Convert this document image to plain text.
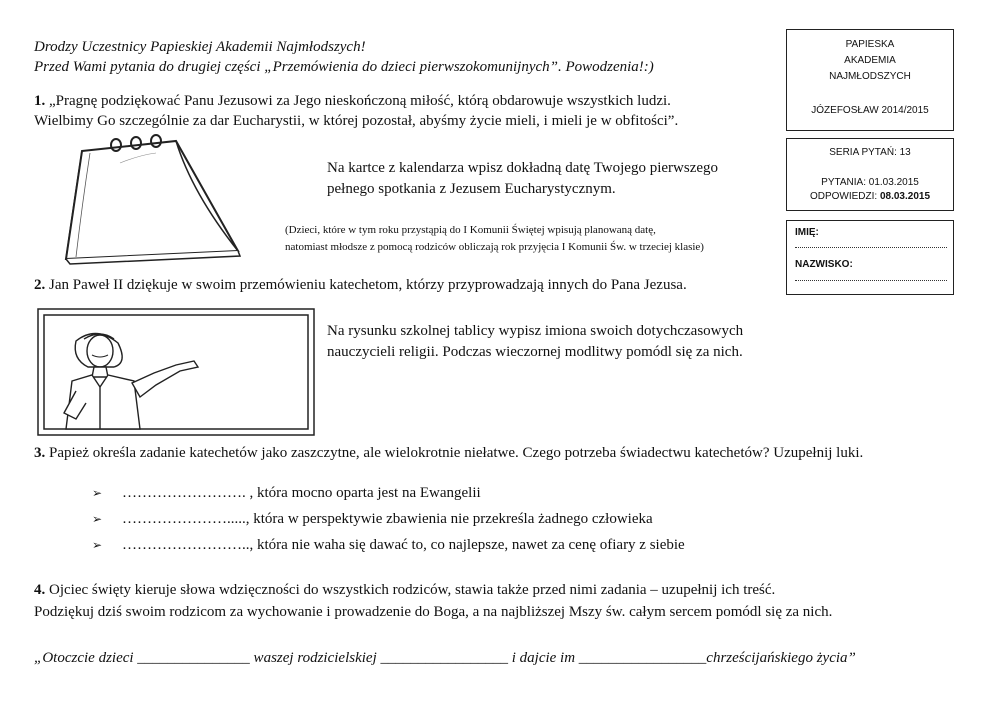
Drodzy Uczestnicy Papieskiej Akademii Najmłodszych!
Przed Wami pytania do drugiej części „Przemówienia do dzieci pierwszokomunijnych”. Powodzenia!:)
PAPIESKA
AKADEMIA
NAJMŁODSZYCH
JÓZEFOSŁAW 2014/2015
SERIA PYTAŃ: 13
PYTANIA: 01.03.2015
ODPOWIEDZI: 08.03.2015
IMIĘ:
NAZWISKO:
1. „Pragnę podziękować Panu Jezusowi za Jego nieskończoną miłość, którą obdarowuje wszystkich ludzi.
Wielbimy Go szczególnie za dar Eucharystii, w której pozostał, abyśmy życie mieli, i mieli je w obfitości”.
Na kartce z kalendarza wpisz dokładną datę Twojego pierwszego
pełnego spotkania z Jezusem Eucharystycznym.
(Dzieci, które w tym roku przystąpią do I Komunii Świętej wpisują planowaną datę,
natomiast młodsze z pomocą rodziców obliczają rok przyjęcia I Komunii Św. w trzeciej klasie)
2. Jan Paweł II dziękuje w swoim przemówieniu katechetom, którzy przyprowadzają innych do Pana Jezusa.
Na rysunku szkolnej tablicy wypisz imiona swoich dotychczasowych
nauczycieli religii. Podczas wieczornej modlitwy pomódl się za nich.
3. Papież określa zadanie katechetów jako zaszczytne, ale wielokrotnie niełatwe. Czego potrzeba świadectwu katechetów? Uzupełnij luki.
➢ ……………………. , która mocno oparta jest na Ewangelii
➢ …………………....., która w perspektywie zbawienia nie przekreśla żadnego człowieka
➢ …………………….., która nie waha się dawać to, co najlepsze, nawet za cenę ofiary z siebie
4. Ojciec święty kieruje słowa wdzięczności do wszystkich rodziców, stawia także przed nimi zadania – uzupełnij ich treść.
Podziękuj dziś swoim rodzicom za wychowanie i prowadzenie do Boga, a na najbliższej Mszy św. całym sercem pomódl się za nich.
„Otoczcie dzieci _______________ waszej rodzicielskiej _________________ i dajcie im _________________chrześcijańskiego życia”
